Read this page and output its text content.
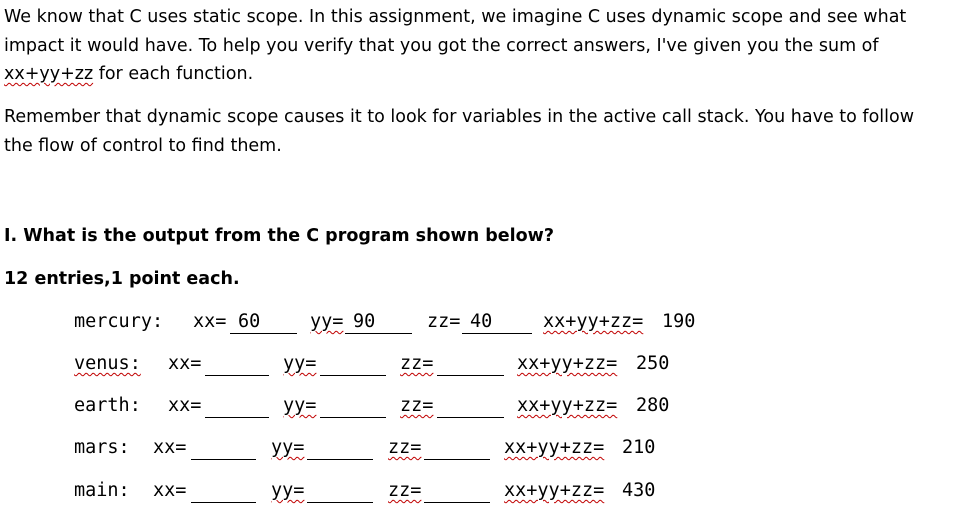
We know that C uses static scope. In this assignment, we imagine C uses dynamic scope and see what impact it would have. To help you verify that you got the correct answers, I've given you the sum of xx+yy+zz for each function.

Remember that dynamic scope causes it to look for variables in the active call stack. You have to follow the flow of control to find them.

I. What is the output from the C program shown below?

12 entries,1 point each.

mercury: xx= 60	yy= 90	zz= 40	xx+yy+zz= 190
venus: xx=	yy=	zz=	xx+yy+zz= 250
earth: xx=	yy=	zz=	xx+yy+zz= 280
mars: xx=	yy=	zz=	xx+yy+zz= 210
main: xx=	yy=	zz=	xx+yy+zz= 430
